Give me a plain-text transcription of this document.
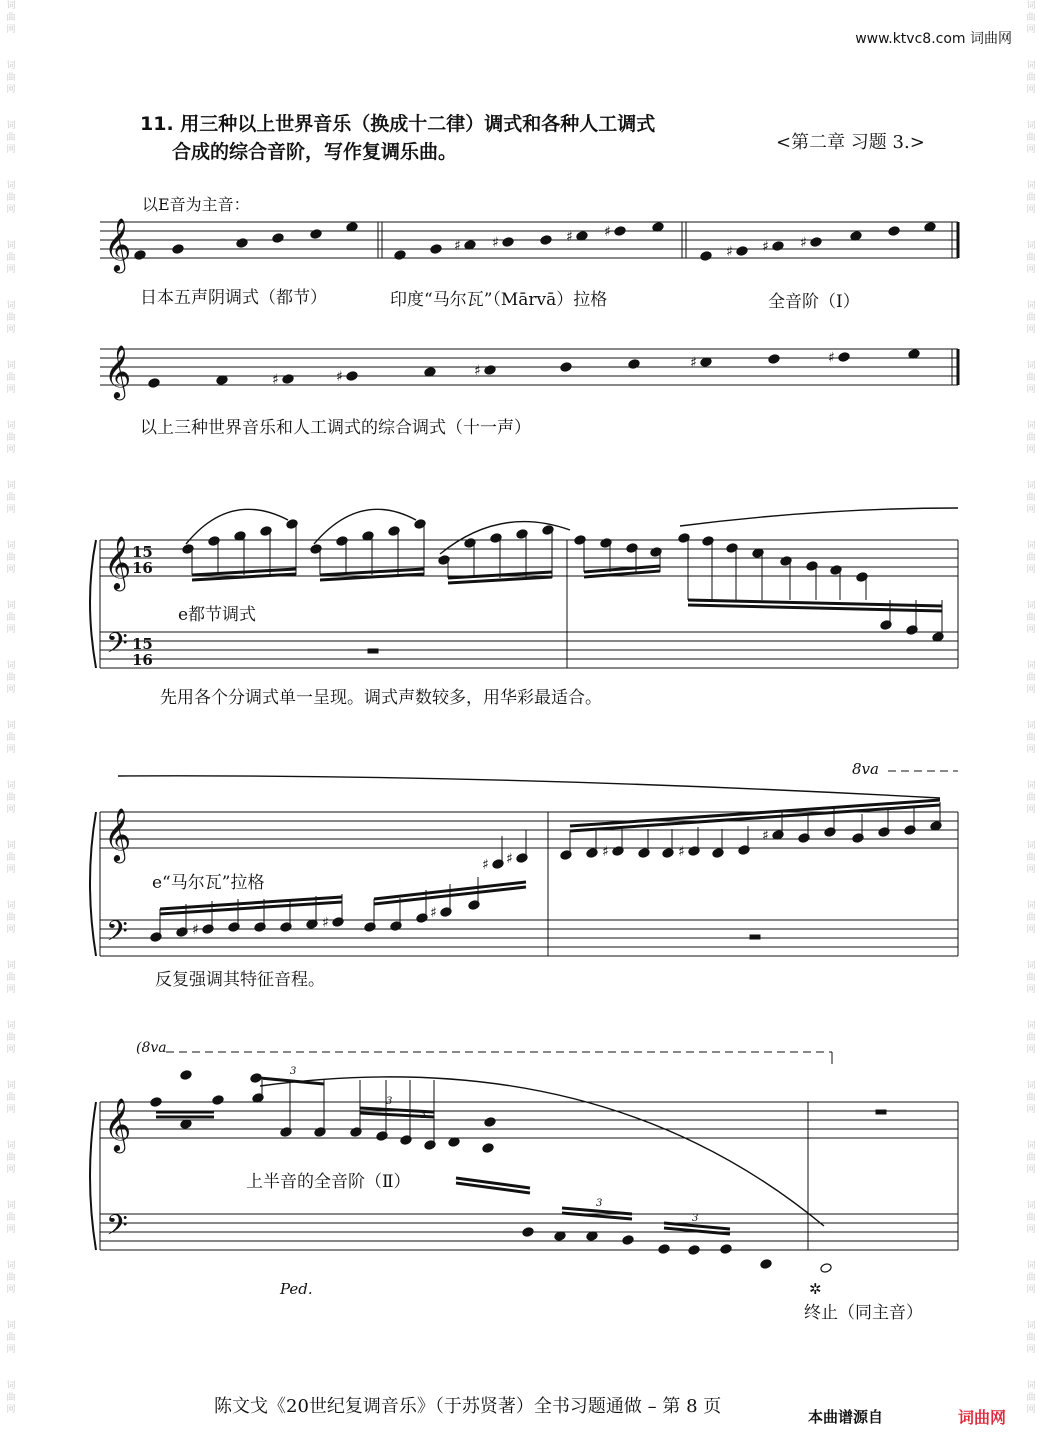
词
曲
网

词
曲
网

词
曲
网

词
曲
网

词
曲
网

词
曲
网

词
曲
网

词
曲
网

词
曲
网

词
曲
网

词
曲
网

词
曲
网

词
曲
网

词
曲
网

词
曲
网

词
曲
网

词
曲
网

词
曲
网

词
曲
网

词
曲
网

词
曲
网

词
曲
网

词
曲
网

词
曲
网

词
曲
网

词
曲
网

词
曲
网

词
曲
网

词
曲
网

词
曲
网

词
曲
网

词
曲
网

词
曲
网

词
曲
网

词
曲
网

词
曲
网

词
曲
网

词
曲
网

词
曲
网

词
曲
网

词
曲
网

词
曲
网

词
曲
网

词
曲
网

词
曲
网

词
曲
网

词
曲
网

词
曲
网

www.ktvc8.com 词曲网
11. 用三种以上世界音乐（换成十二律）调式和各种人工调式
合成的综合音阶，写作复调乐曲。	<第二章 习题 3.>
以E音为主音：
𝄞	♯ ♯	♯ ♯
♯ ♯ ♯
𝄞	♯	♯	♯	♯	♯
𝄞
𝄢
15
16
15
16
𝄞
𝄢	♯	♯
♯
♯ ♯	♯	♯
♯
𝄞
𝄢
3
3
3
3
3
日本五声阴调式（都节）	印度“马尔瓦”（Mārvā）拉格	全音阶（Ⅰ）
以上三种世界音乐和人工调式的综合调式（十一声）
e都节调式
先用各个分调式单一呈现。调式声数较多，用华彩最适合。
8va
e“马尔瓦”拉格
反复强调其特征音程。
(8va
上半音的全音阶（Ⅱ）
Ped.	✲
终止（同主音）
陈文戈《20世纪复调音乐》（于苏贤著）全书习题通做 – 第 8 页	本曲谱源自	词曲网
